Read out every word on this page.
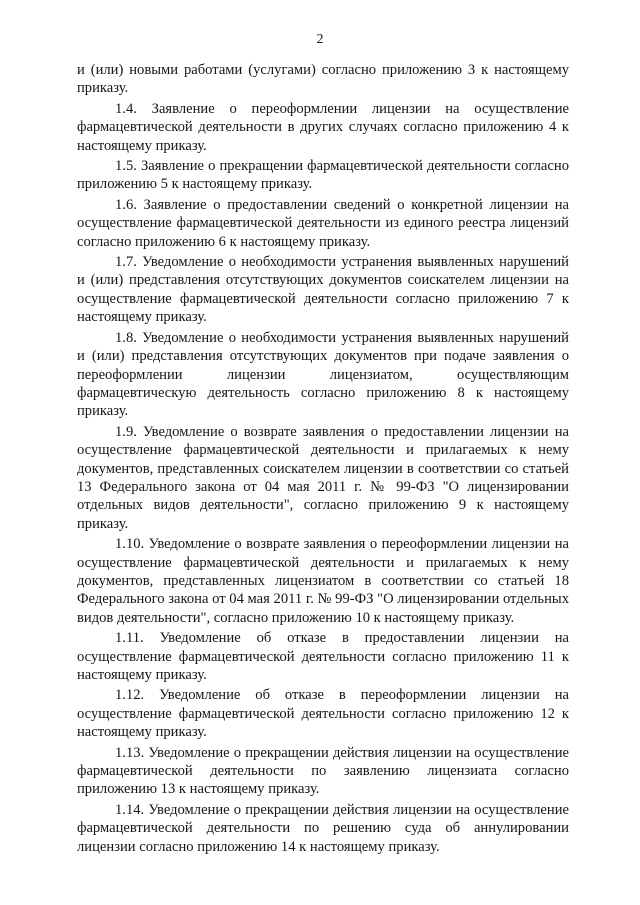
2

и (или) новыми работами (услугами) согласно приложению 3 к настоящему приказу.

1.4. Заявление о переоформлении лицензии на осуществление фармацевтической деятельности в других случаях согласно приложению 4 к настоящему приказу.

1.5. Заявление о прекращении фармацевтической деятельности согласно приложению 5 к настоящему приказу.

1.6. Заявление о предоставлении сведений о конкретной лицензии на осуществление фармацевтической деятельности из единого реестра лицензий согласно приложению 6 к настоящему приказу.

1.7. Уведомление о необходимости устранения выявленных нарушений и (или) представления отсутствующих документов соискателем лицензии на осуществление фармацевтической деятельности согласно приложению 7 к настоящему приказу.

1.8. Уведомление о необходимости устранения выявленных нарушений и (или) представления отсутствующих документов при подаче заявления о переоформлении лицензии лицензиатом, осуществляющим фармацевтическую деятельность согласно приложению 8 к настоящему приказу.

1.9. Уведомление о возврате заявления о предоставлении лицензии на осуществление фармацевтической деятельности и прилагаемых к нему документов, представленных соискателем лицензии в соответствии со статьей 13 Федерального закона от 04 мая 2011 г. № 99-ФЗ "О лицензировании отдельных видов деятельности", согласно приложению 9 к настоящему приказу.

1.10. Уведомление о возврате заявления о переоформлении лицензии на осуществление фармацевтической деятельности и прилагаемых к нему документов, представленных лицензиатом в соответствии со статьей 18 Федерального закона от 04 мая 2011 г. № 99-ФЗ "О лицензировании отдельных видов деятельности", согласно приложению 10 к настоящему приказу.

1.11. Уведомление об отказе в предоставлении лицензии на осуществление фармацевтической деятельности согласно приложению 11 к настоящему приказу.

1.12. Уведомление об отказе в переоформлении лицензии на осуществление фармацевтической деятельности согласно приложению 12 к настоящему приказу.

1.13. Уведомление о прекращении действия лицензии на осуществление фармацевтической деятельности по заявлению лицензиата согласно приложению 13 к настоящему приказу.

1.14. Уведомление о прекращении действия лицензии на осуществление фармацевтической деятельности по решению суда об аннулировании лицензии согласно приложению 14 к настоящему приказу.
